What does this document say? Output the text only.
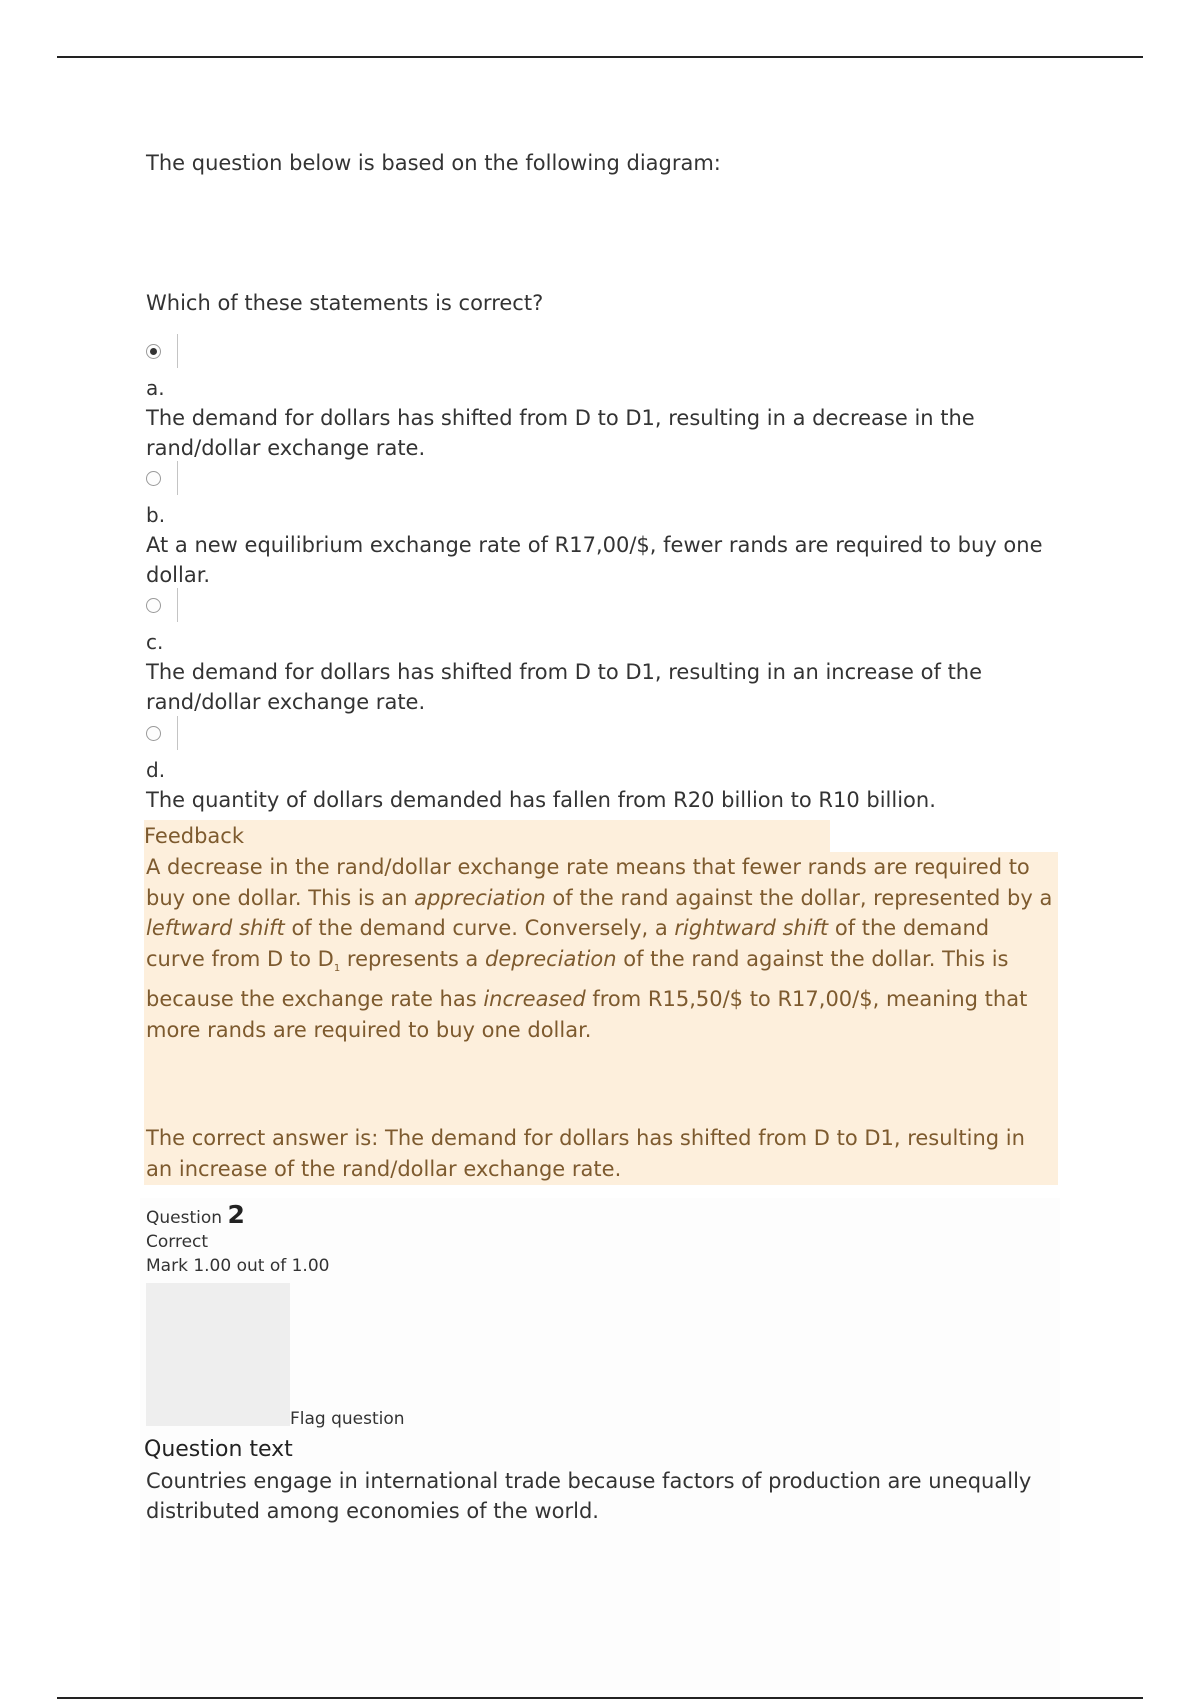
The question below is based on the following diagram:

Which of these statements is correct?

a.
The demand for dollars has shifted from D to D1, resulting in a decrease in the rand/dollar exchange rate.
b.
At a new equilibrium exchange rate of R17,00/$, fewer rands are required to buy one dollar.
c.
The demand for dollars has shifted from D to D1, resulting in an increase of the rand/dollar exchange rate.
d.
The quantity of dollars demanded has fallen from R20 billion to R10 billion.
Feedback

A decrease in the rand/dollar exchange rate means that fewer rands are required to buy one dollar. This is an appreciation of the rand against the dollar, represented by a leftward shift of the demand curve. Conversely, a rightward shift of the demand curve from D to $D_1$ represents a depreciation of the rand against the dollar. This is because the exchange rate has increased from R15,50/$ to R17,00/$, meaning that more rands are required to buy one dollar.

The correct answer is: The demand for dollars has shifted from D to D1, resulting in an increase of the rand/dollar exchange rate.

Question 2
Correct
Mark 1.00 out of 1.00
Flag question
Question text
Countries engage in international trade because factors of production are unequally distributed among economies of the world.
